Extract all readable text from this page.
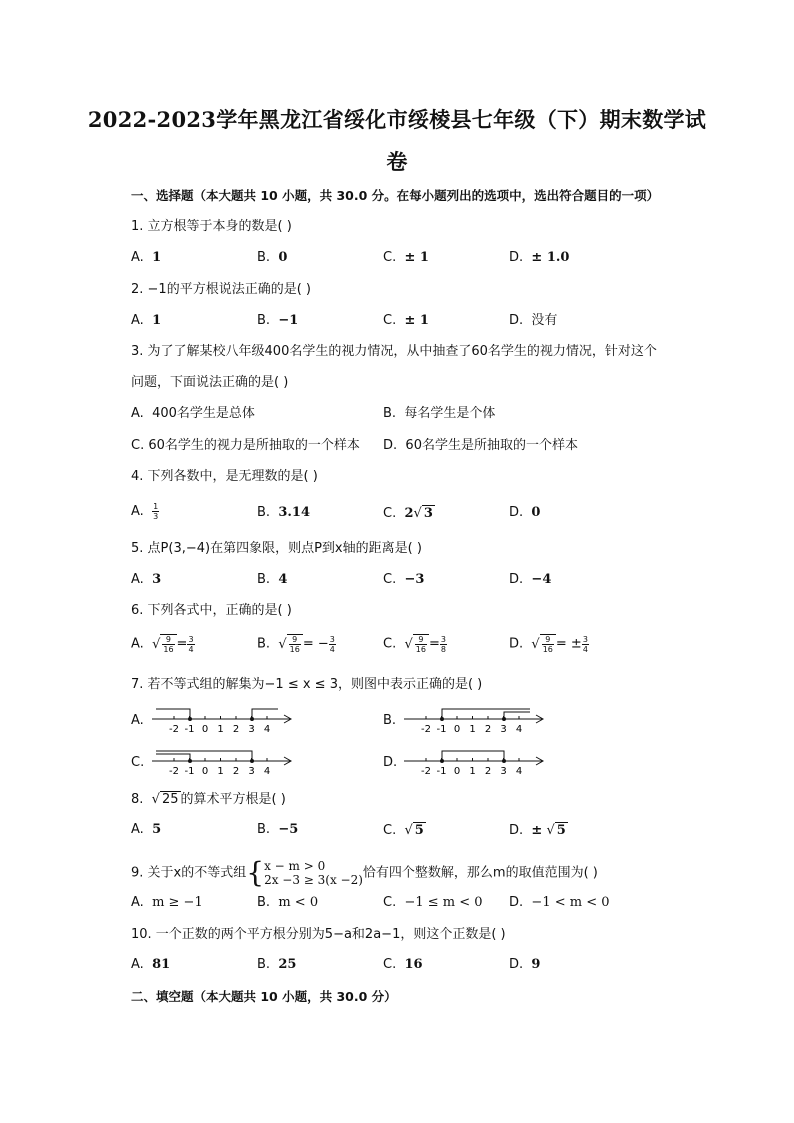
2022-2023学年黑龙江省绥化市绥棱县七年级（下）期末数学试
卷
一、选择题（本大题共 10 小题，共 30.0 分。在每小题列出的选项中，选出符合题目的一项）
1. 立方根等于本身的数是( )
A. 1	B. 0	C. ± 1	D. ± 1.0
2. −1的平方根说法正确的是( )
A. 1	B. −1	C. ± 1	D. 没有
3. 为了了解某校八年级400名学生的视力情况，从中抽查了60名学生的视力情况，针对这个
问题，下面说法正确的是( )
A. 400名学生是总体	B. 每名学生是个体
C. 60名学生的视力是所抽取的一个样本 D. 60名学生是所抽取的一个样本
4. 下列各数中，是无理数的是( )
A. $\frac{1}{3}$	B. 3.14	C. 2√ 3	D. 0
5. 点P(3,−4)在第四象限，则点P到x轴的距离是( )
A. 3	B. 4	C. −3	D. −4
6. 下列各式中，正确的是( )
A. √ $\frac{9}{16} = \frac{3}{4}$	B. √ $\frac{9}{16}$ = − $\frac{3}{4}$	C. √ $\frac{9}{16} = \frac{3}{8}$	D. √ $\frac{9}{16}$ = ± $\frac{3}{4}$
7. 若不等式组的解集为−1 ≤ x ≤ 3，则图中表示正确的是( )
A.
-2 -1 0 1 2 3 4
B.
-2 -1 0 1 2 3 4
C.
-2 -1 0 1 2 3 4
D.
-2 -1 0 1 2 3 4
8. √ 25 的算术平方根是( )
A. 5	B. −5	C. √ 5	D. ± √ 5
9. 关于x的不等式组{ x − m > 0
2x −3 ≥ 3(x −2) 恰有四个整数解，那么m的取值范围为( )
A. m ≥ −1	B. m < 0	C. −1 ≤ m < 0 D. −1 < m < 0
10. 一个正数的两个平方根分别为5−a和2a−1，则这个正数是( )
A. 81	B. 25	C. 16	D. 9
二、填空题（本大题共 10 小题，共 30.0 分）
